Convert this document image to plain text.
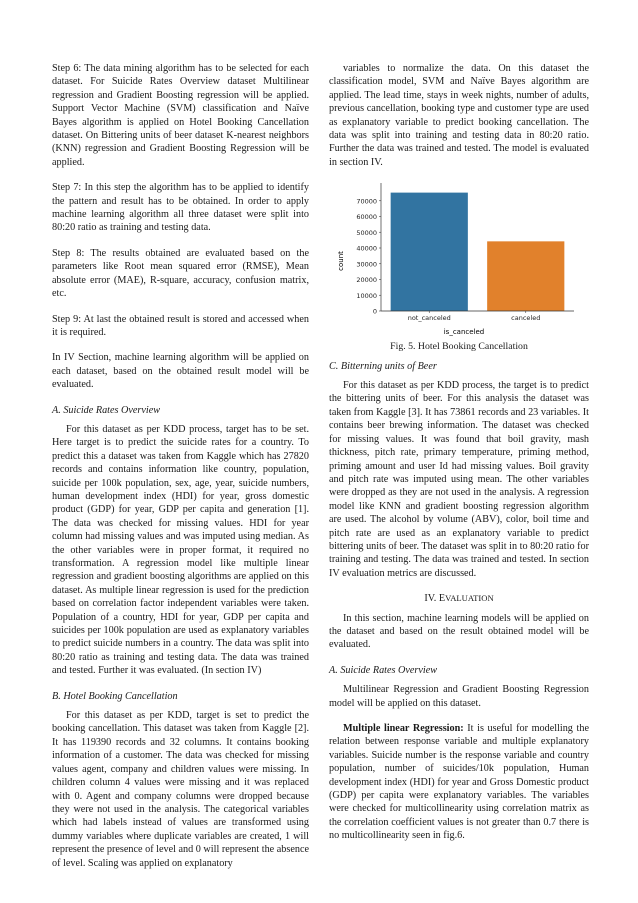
Step 6: The data mining algorithm has to be selected for each dataset. For Suicide Rates Overview dataset Multilinear regression and Gradient Boosting regression will be applied. Support Vector Machine (SVM) classification and Naïve Bayes algorithm is applied on Hotel Booking Cancellation dataset. On Bittering units of beer dataset K-nearest neighbors (KNN) regression and Gradient Boosting Regression will be applied.

Step 7: In this step the algorithm has to be applied to identify the pattern and result has to be obtained. In order to apply machine learning algorithm all three dataset were split into 80:20 ratio as training and testing data.

Step 8: The results obtained are evaluated based on the parameters like Root mean squared error (RMSE), Mean absolute error (MAE), R-square, accuracy, confusion matrix, etc.

Step 9: At last the obtained result is stored and accessed when it is required.

In IV Section, machine learning algorithm will be applied on each dataset, based on the obtained result model will be evaluated.

A. Suicide Rates Overview

For this dataset as per KDD process, target has to be set. Here target is to predict the suicide rates for a country. To predict this a dataset was taken from Kaggle which has 27820 records and contains information like country, population, suicide per 100k population, sex, age, year, suicide numbers, human development index (HDI) for year, gross domestic product (GDP) for year, GDP per capita and generation [1]. The data was checked for missing values. HDI for year column had missing values and was imputed using median. As the other variables were in proper format, it required no transformation. A regression model like multiple linear regression and gradient boosting algorithms are applied on this dataset. As multiple linear regression is used for the prediction based on correlation factor independent variables were taken. Population of a country, HDI for year, GDP per capita and suicides per 100k population are used as explanatory variables to predict suicide numbers in a country. The data was split into 80:20 ratio as training and testing data. The data was trained and tested. Further it was evaluated. (In section IV)

B. Hotel Booking Cancellation

For this dataset as per KDD, target is set to predict the booking cancellation. This dataset was taken from Kaggle [2]. It has 119390 records and 32 columns. It contains booking information of a customer. The data was checked for missing values agent, company and children values were missing. In children column 4 values were missing and it was replaced with 0. Agent and company columns were dropped because they were not used in the analysis. The categorical variables which had labels instead of values are transformed using dummy variables where duplicate variables are created, 1 will represent the presence of level and 0 will represent the absence of level. Scaling was applied on explanatory

variables to normalize the data. On this dataset the classification model, SVM and Naïve Bayes algorithm are applied. The lead time, stays in week nights, number of adults, previous cancellation, booking type and customer type are used as explanatory variable to predict booking cancellation. The data was split into training and testing data in 80:20 ratio. Further the data was trained and tested. The model is evaluated in section IV.

0
10000
20000
30000
40000
50000
60000
70000
not_canceled	canceled
count
is_canceled

Fig. 5. Hotel Booking Cancellation

C. Bitterning units of Beer

For this dataset as per KDD process, the target is to predict the bittering units of beer. For this analysis the dataset was taken from Kaggle [3]. It has 73861 records and 23 variables. It contains beer brewing information. The dataset was checked for missing values. It was found that boil gravity, mash thickness, pitch rate, primary temperature, priming method, priming amount and user Id had missing values. Boil gravity and pitch rate was imputed using mean. The other variables were dropped as they are not used in the analysis. A regression model like KNN and gradient boosting regression algorithm are used. The alcohol by volume (ABV), color, boil time and pitch rate are used as an explanatory variable to predict bittering units of beer. The dataset was split in to 80:20 ratio for training and testing. The data was trained and tested. In section IV evaluation metrics are discussed.

IV. EVALUATION

In this section, machine learning models will be applied on the dataset and based on the result obtained model will be evaluated.

A. Suicide Rates Overview

Multilinear Regression and Gradient Boosting Regression model will be applied on this dataset.

Multiple linear Regression: It is useful for modelling the relation between response variable and multiple explanatory variables. Suicide number is the response variable and country population, number of suicides/10k population, Human development index (HDI) for year and Gross Domestic product (GDP) per capita were explanatory variables. The variables were checked for multicollinearity using correlation matrix as the correlation coefficient values is not greater than 0.7 there is no multicollinearity seen in fig.6.
